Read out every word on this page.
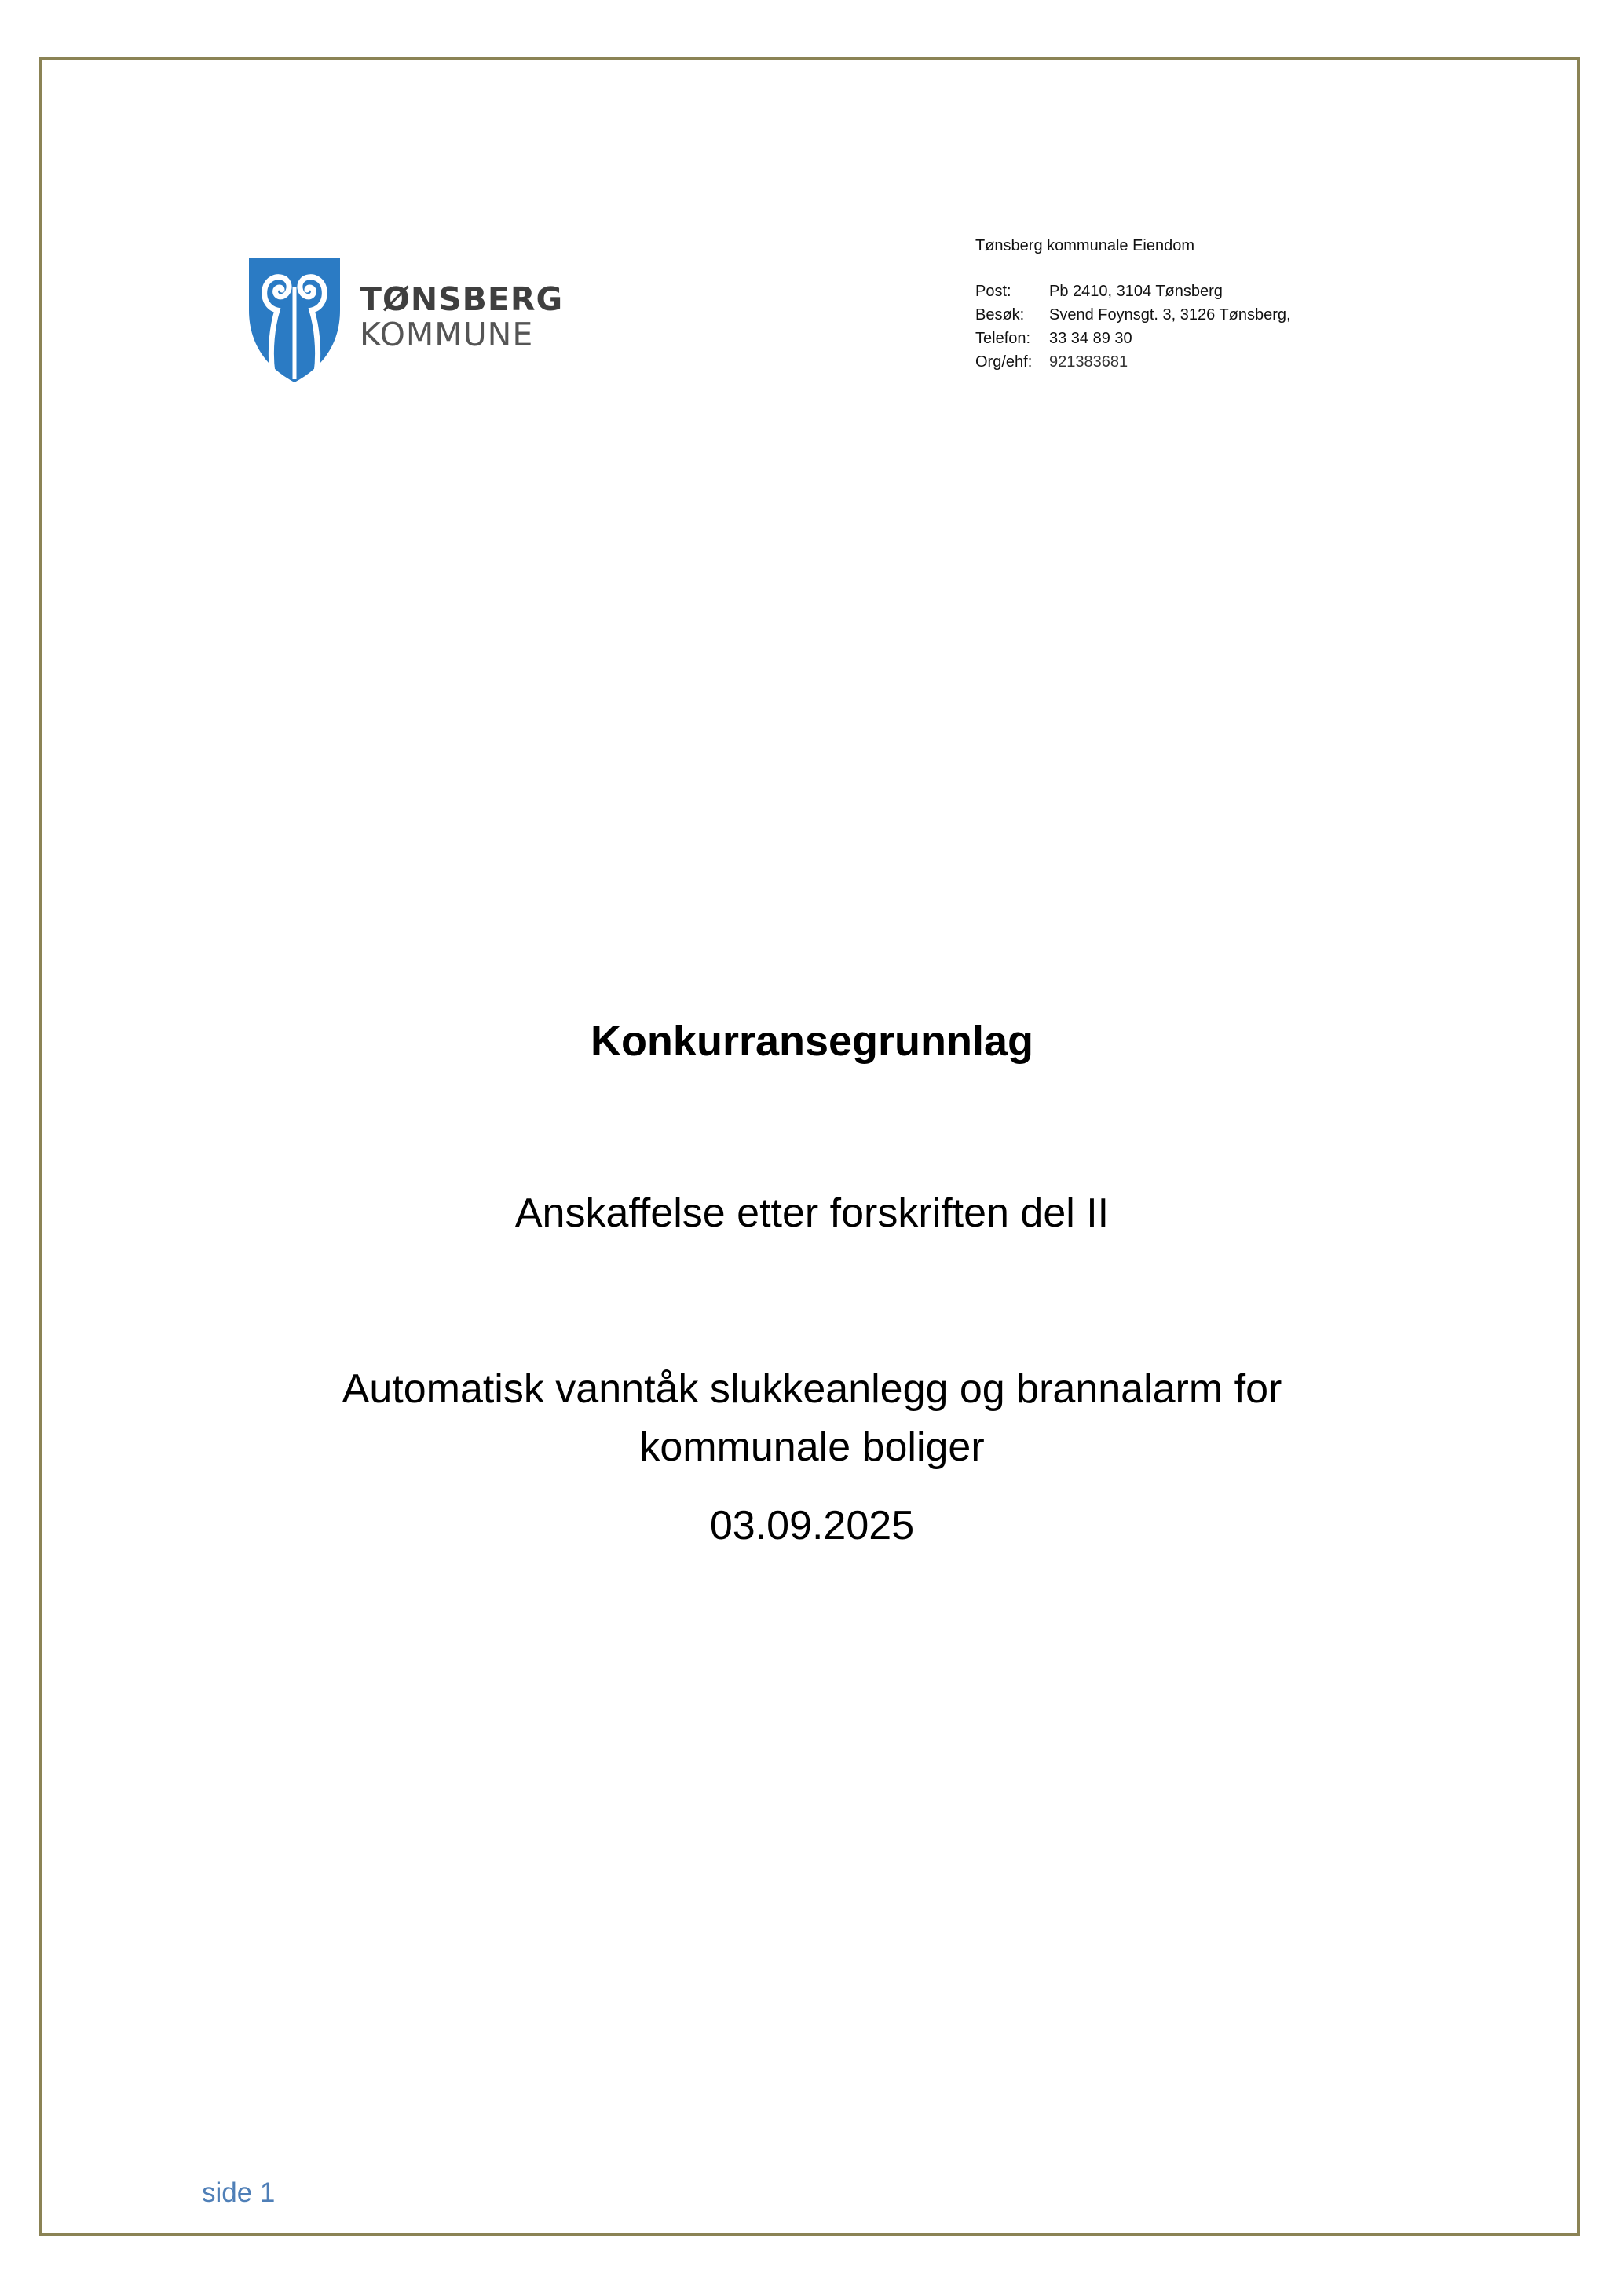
TØNSBERG
KOMMUNE
Tønsberg kommunale Eiendom
Post:	Pb 2410, 3104 Tønsberg
Besøk:	Svend Foynsgt. 3, 3126 Tønsberg,
Telefon:	33 34 89 30
Org/ehf:	921383681
Konkurransegrunnlag
Anskaffelse etter forskriften del II
Automatisk vanntåk slukkeanlegg og brannalarm for
kommunale boliger
03.09.2025
side 1
